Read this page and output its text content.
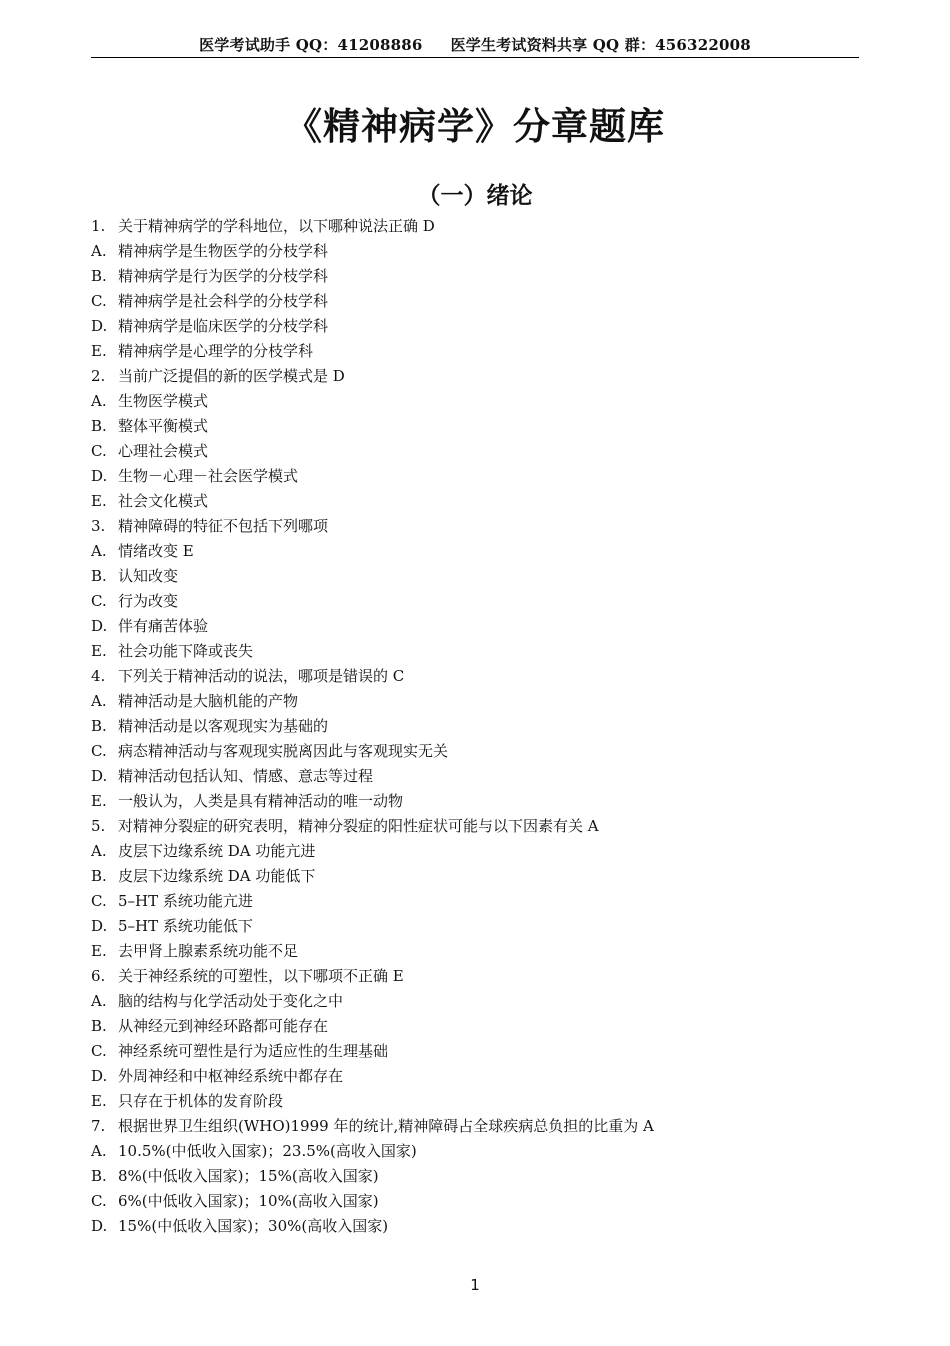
医学考试助手 QQ：41208886 医学生考试资料共享 QQ 群：456322008
《精神病学》分章题库
（一）绪论
1. 关于精神病学的学科地位，以下哪种说法正确 D
A. 精神病学是生物医学的分枝学科
B. 精神病学是行为医学的分枝学科
C. 精神病学是社会科学的分枝学科
D. 精神病学是临床医学的分枝学科
E. 精神病学是心理学的分枝学科
2. 当前广泛提倡的新的医学模式是 D
A. 生物医学模式
B. 整体平衡模式
C. 心理社会模式
D. 生物－心理－社会医学模式
E. 社会文化模式
3. 精神障碍的特征不包括下列哪项
A. 情绪改变 E
B. 认知改变
C. 行为改变
D. 伴有痛苦体验
E. 社会功能下降或丧失
4. 下列关于精神活动的说法，哪项是错误的 C
A. 精神活动是大脑机能的产物
B. 精神活动是以客观现实为基础的
C. 病态精神活动与客观现实脱离因此与客观现实无关
D. 精神活动包括认知、情感、意志等过程
E. 一般认为，人类是具有精神活动的唯一动物
5. 对精神分裂症的研究表明，精神分裂症的阳性症状可能与以下因素有关 A
A. 皮层下边缘系统 DA 功能亢进
B. 皮层下边缘系统 DA 功能低下
C. 5–HT 系统功能亢进
D. 5–HT 系统功能低下
E. 去甲肾上腺素系统功能不足
6. 关于神经系统的可塑性，以下哪项不正确 E
A. 脑的结构与化学活动处于变化之中
B. 从神经元到神经环路都可能存在
C. 神经系统可塑性是行为适应性的生理基础
D. 外周神经和中枢神经系统中都存在
E. 只存在于机体的发育阶段
7. 根据世界卫生组织(WHO)1999 年的统计,精神障碍占全球疾病总负担的比重为 A
A. 10.5%(中低收入国家)；23.5%(高收入国家)
B. 8%(中低收入国家)；15%(高收入国家)
C. 6%(中低收入国家)；10%(高收入国家)
D. 15%(中低收入国家)；30%(高收入国家)
1
